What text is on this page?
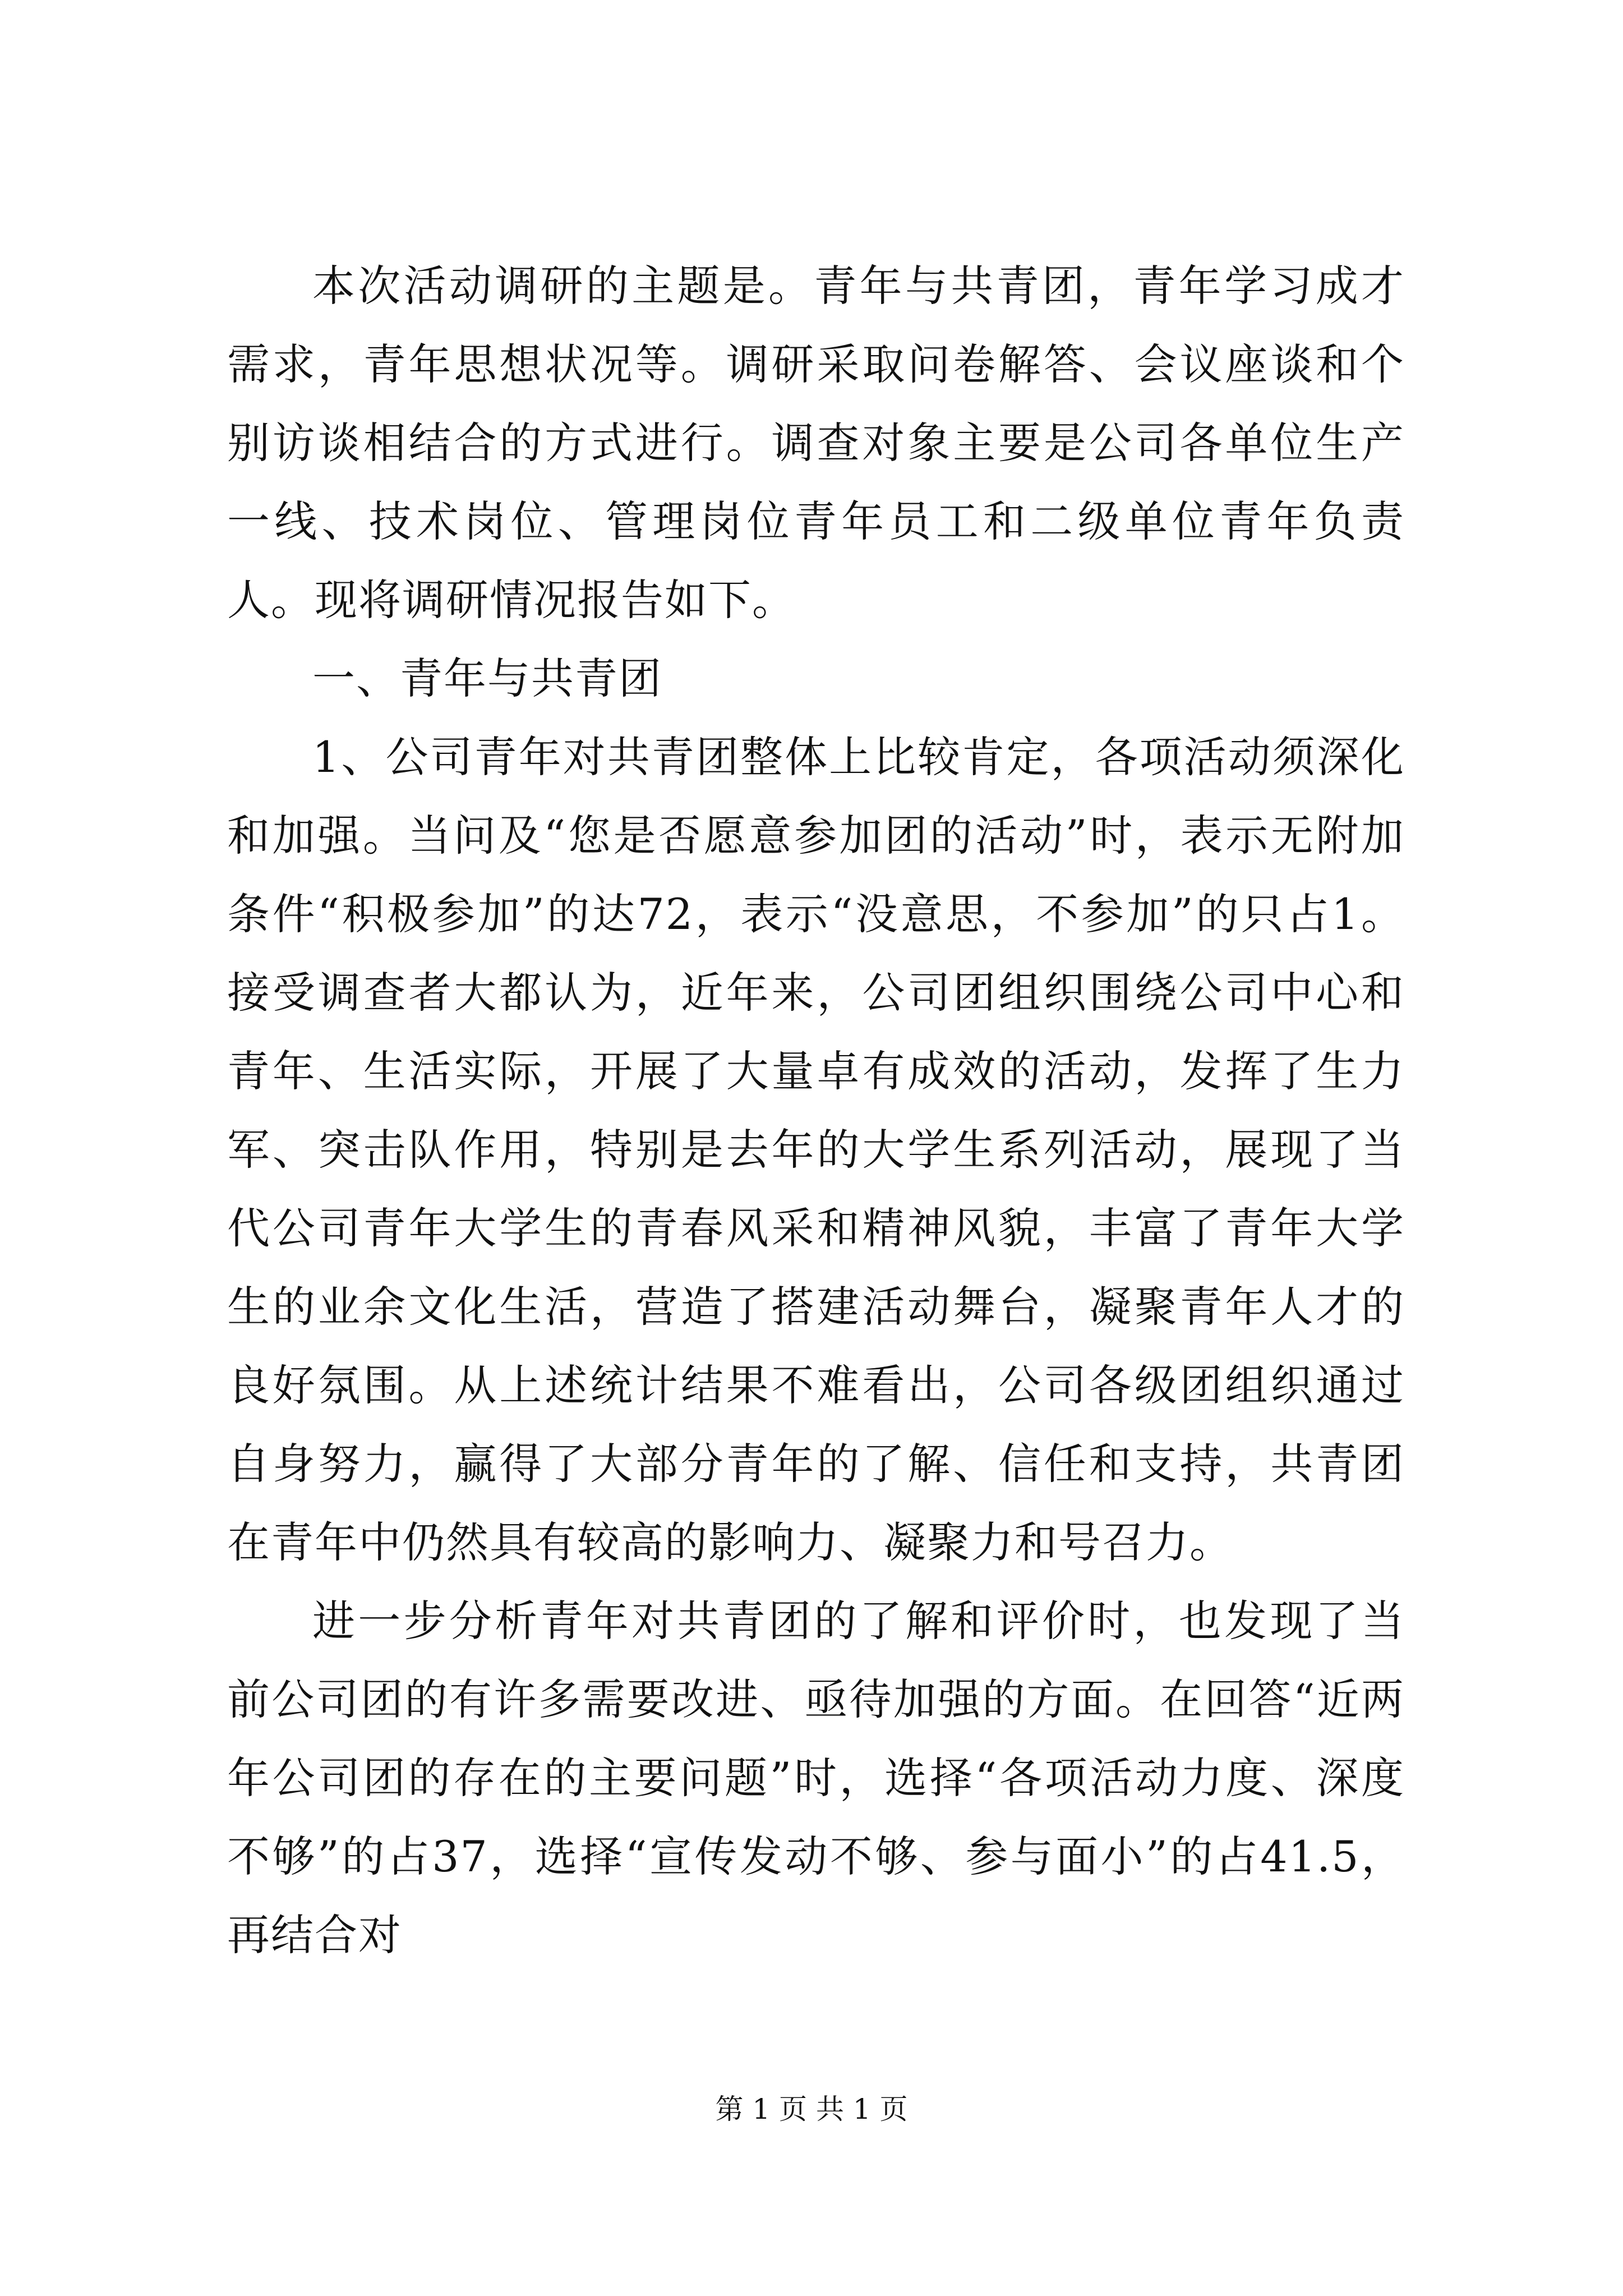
本次活动调研的主题是。青年与共青团，青年学习成才需求，青年思想状况等。调研采取问卷解答、会议座谈和个别访谈相结合的方式进行。调查对象主要是公司各单位生产一线、技术岗位、管理岗位青年员工和二级单位青年负责人。现将调研情况报告如下。

一、青年与共青团

1、公司青年对共青团整体上比较肯定，各项活动须深化和加强。当问及“您是否愿意参加团的活动”时，表示无附加条件“积极参加”的达72，表示“没意思，不参加”的只占1。接受调查者大都认为，近年来，公司团组织围绕公司中心和青年、生活实际，开展了大量卓有成效的活动，发挥了生力军、突击队作用，特别是去年的大学生系列活动，展现了当代公司青年大学生的青春风采和精神风貌，丰富了青年大学生的业余文化生活，营造了搭建活动舞台，凝聚青年人才的良好氛围。从上述统计结果不难看出，公司各级团组织通过自身努力，赢得了大部分青年的了解、信任和支持，共青团在青年中仍然具有较高的影响力、凝聚力和号召力。

进一步分析青年对共青团的了解和评价时，也发现了当前公司团的有许多需要改进、亟待加强的方面。在回答“近两年公司团的存在的主要问题”时，选择“各项活动力度、深度不够”的占37，选择“宣传发动不够、参与面小”的占41.5，再结合对

第 1 页 共 1 页
